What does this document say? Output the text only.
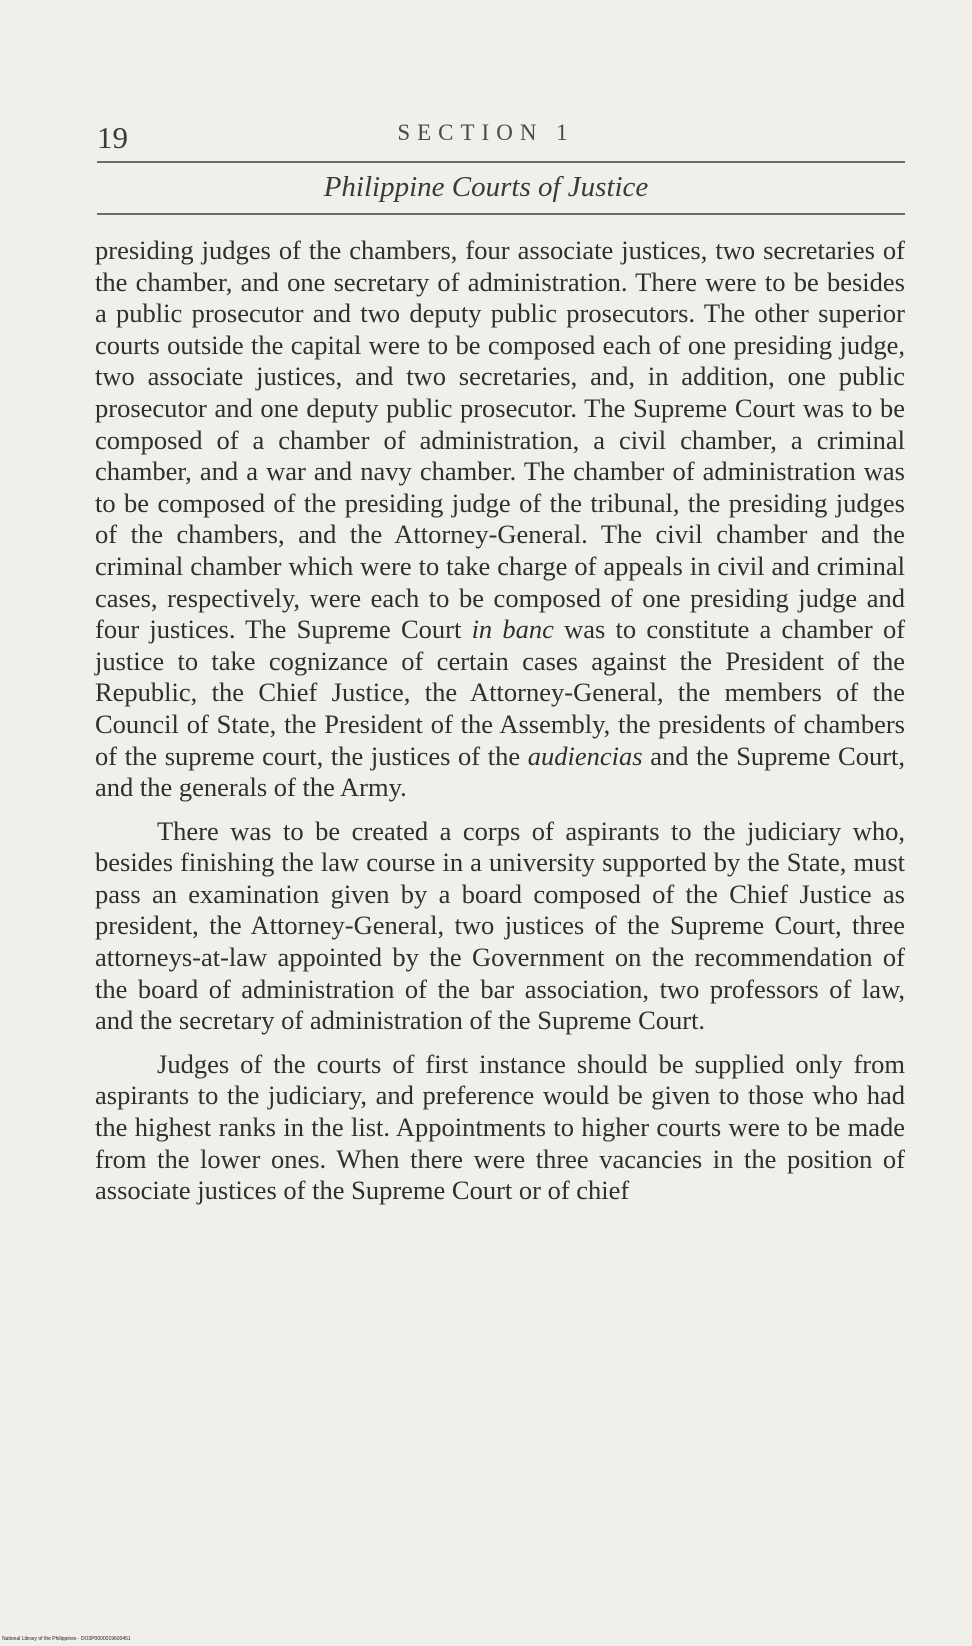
19	SECTION 1
Philippine Courts of Justice

presiding judges of the chambers, four associate justices, two secretaries of the chamber, and one secretary of administration. There were to be besides a public prosecutor and two deputy public prosecutors. The other superior courts outside the capital were to be composed each of one presiding judge, two associate justices, and two secretaries, and, in addition, one public prosecutor and one deputy public prosecutor. The Supreme Court was to be composed of a chamber of administration, a civil chamber, a criminal chamber, and a war and navy chamber. The chamber of administration was to be composed of the presiding judge of the tribunal, the presiding judges of the chambers, and the Attorney-General. The civil chamber and the criminal chamber which were to take charge of appeals in civil and criminal cases, respectively, were each to be composed of one presiding judge and four justices. The Supreme Court in banc was to constitute a chamber of justice to take cognizance of certain cases against the President of the Republic, the Chief Justice, the Attorney-General, the members of the Council of State, the President of the Assembly, the presidents of chambers of the supreme court, the justices of the audiencias and the Supreme Court, and the generals of the Army.

There was to be created a corps of aspirants to the judiciary who, besides finishing the law course in a university supported by the State, must pass an examination given by a board composed of the Chief Justice as president, the Attorney-General, two justices of the Supreme Court, three attorneys-at-law appointed by the Government on the recommendation of the board of administration of the bar association, two professors of law, and the secretary of administration of the Supreme Court.

Judges of the courts of first instance should be supplied only from aspirants to the judiciary, and preference would be given to those who had the highest ranks in the list. Appointments to higher courts were to be made from the lower ones. When there were three vacancies in the position of associate justices of the Supreme Court or of chief

National Library of the Philippines · DO3P0000019600451
